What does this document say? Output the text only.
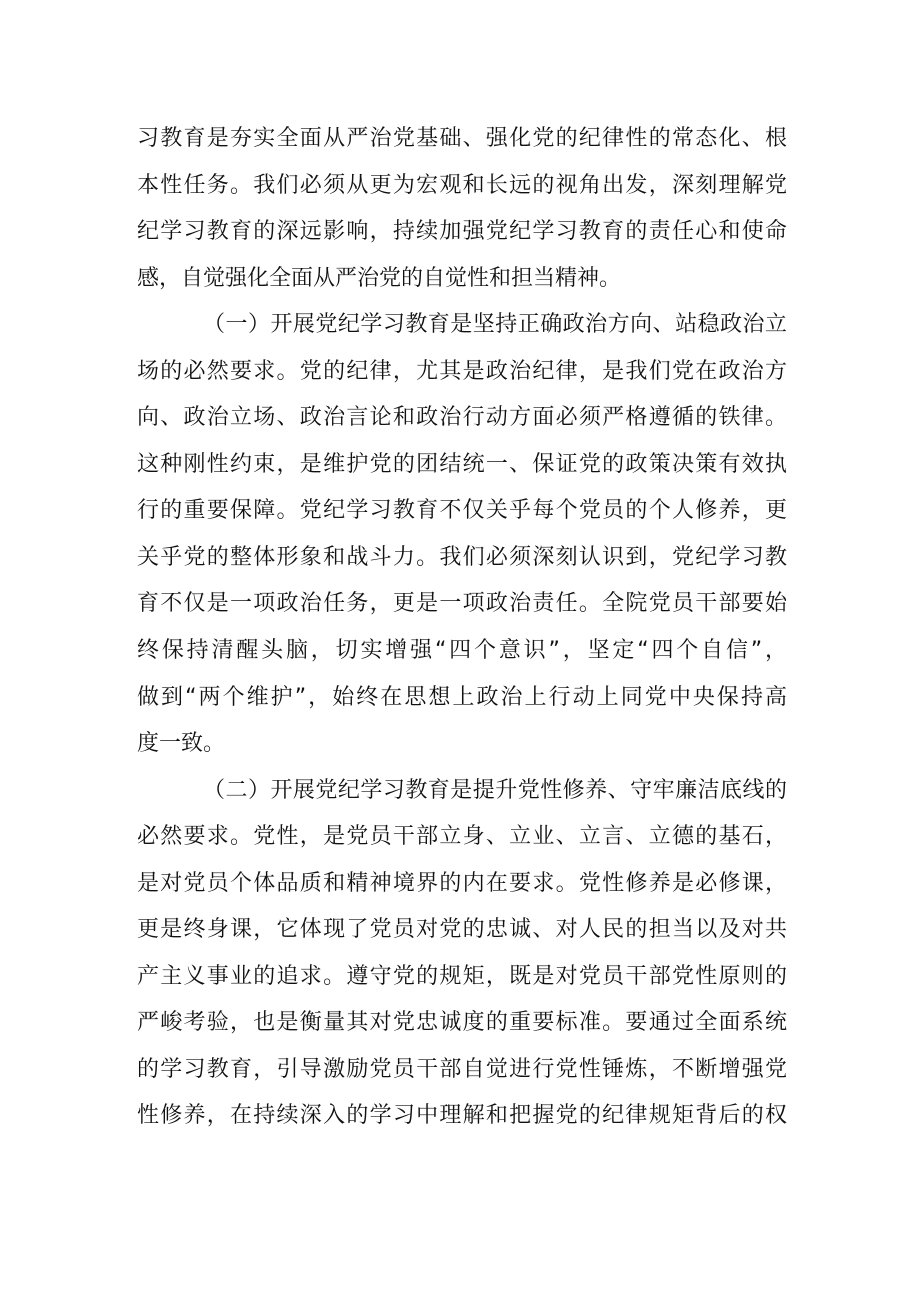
习教育是夯实全面从严治党基础、强化党的纪律性的常态化、根
本性任务。我们必须从更为宏观和长远的视角出发，深刻理解党
纪学习教育的深远影响，持续加强党纪学习教育的责任心和使命
感，自觉强化全面从严治党的自觉性和担当精神。
（一）开展党纪学习教育是坚持正确政治方向、站稳政治立
场的必然要求。党的纪律，尤其是政治纪律，是我们党在政治方
向、政治立场、政治言论和政治行动方面必须严格遵循的铁律。
这种刚性约束，是维护党的团结统一、保证党的政策决策有效执
行的重要保障。党纪学习教育不仅关乎每个党员的个人修养，更
关乎党的整体形象和战斗力。我们必须深刻认识到，党纪学习教
育不仅是一项政治任务，更是一项政治责任。全院党员干部要始
终保持清醒头脑，切实增强“四个意识”，坚定“四个自信”，
做到“两个维护”，始终在思想上政治上行动上同党中央保持高
度一致。
（二）开展党纪学习教育是提升党性修养、守牢廉洁底线的
必然要求。党性，是党员干部立身、立业、立言、立德的基石，
是对党员个体品质和精神境界的内在要求。党性修养是必修课，
更是终身课，它体现了党员对党的忠诚、对人民的担当以及对共
产主义事业的追求。遵守党的规矩，既是对党员干部党性原则的
严峻考验，也是衡量其对党忠诚度的重要标准。要通过全面系统
的学习教育，引导激励党员干部自觉进行党性锤炼，不断增强党
性修养，在持续深入的学习中理解和把握党的纪律规矩背后的权
